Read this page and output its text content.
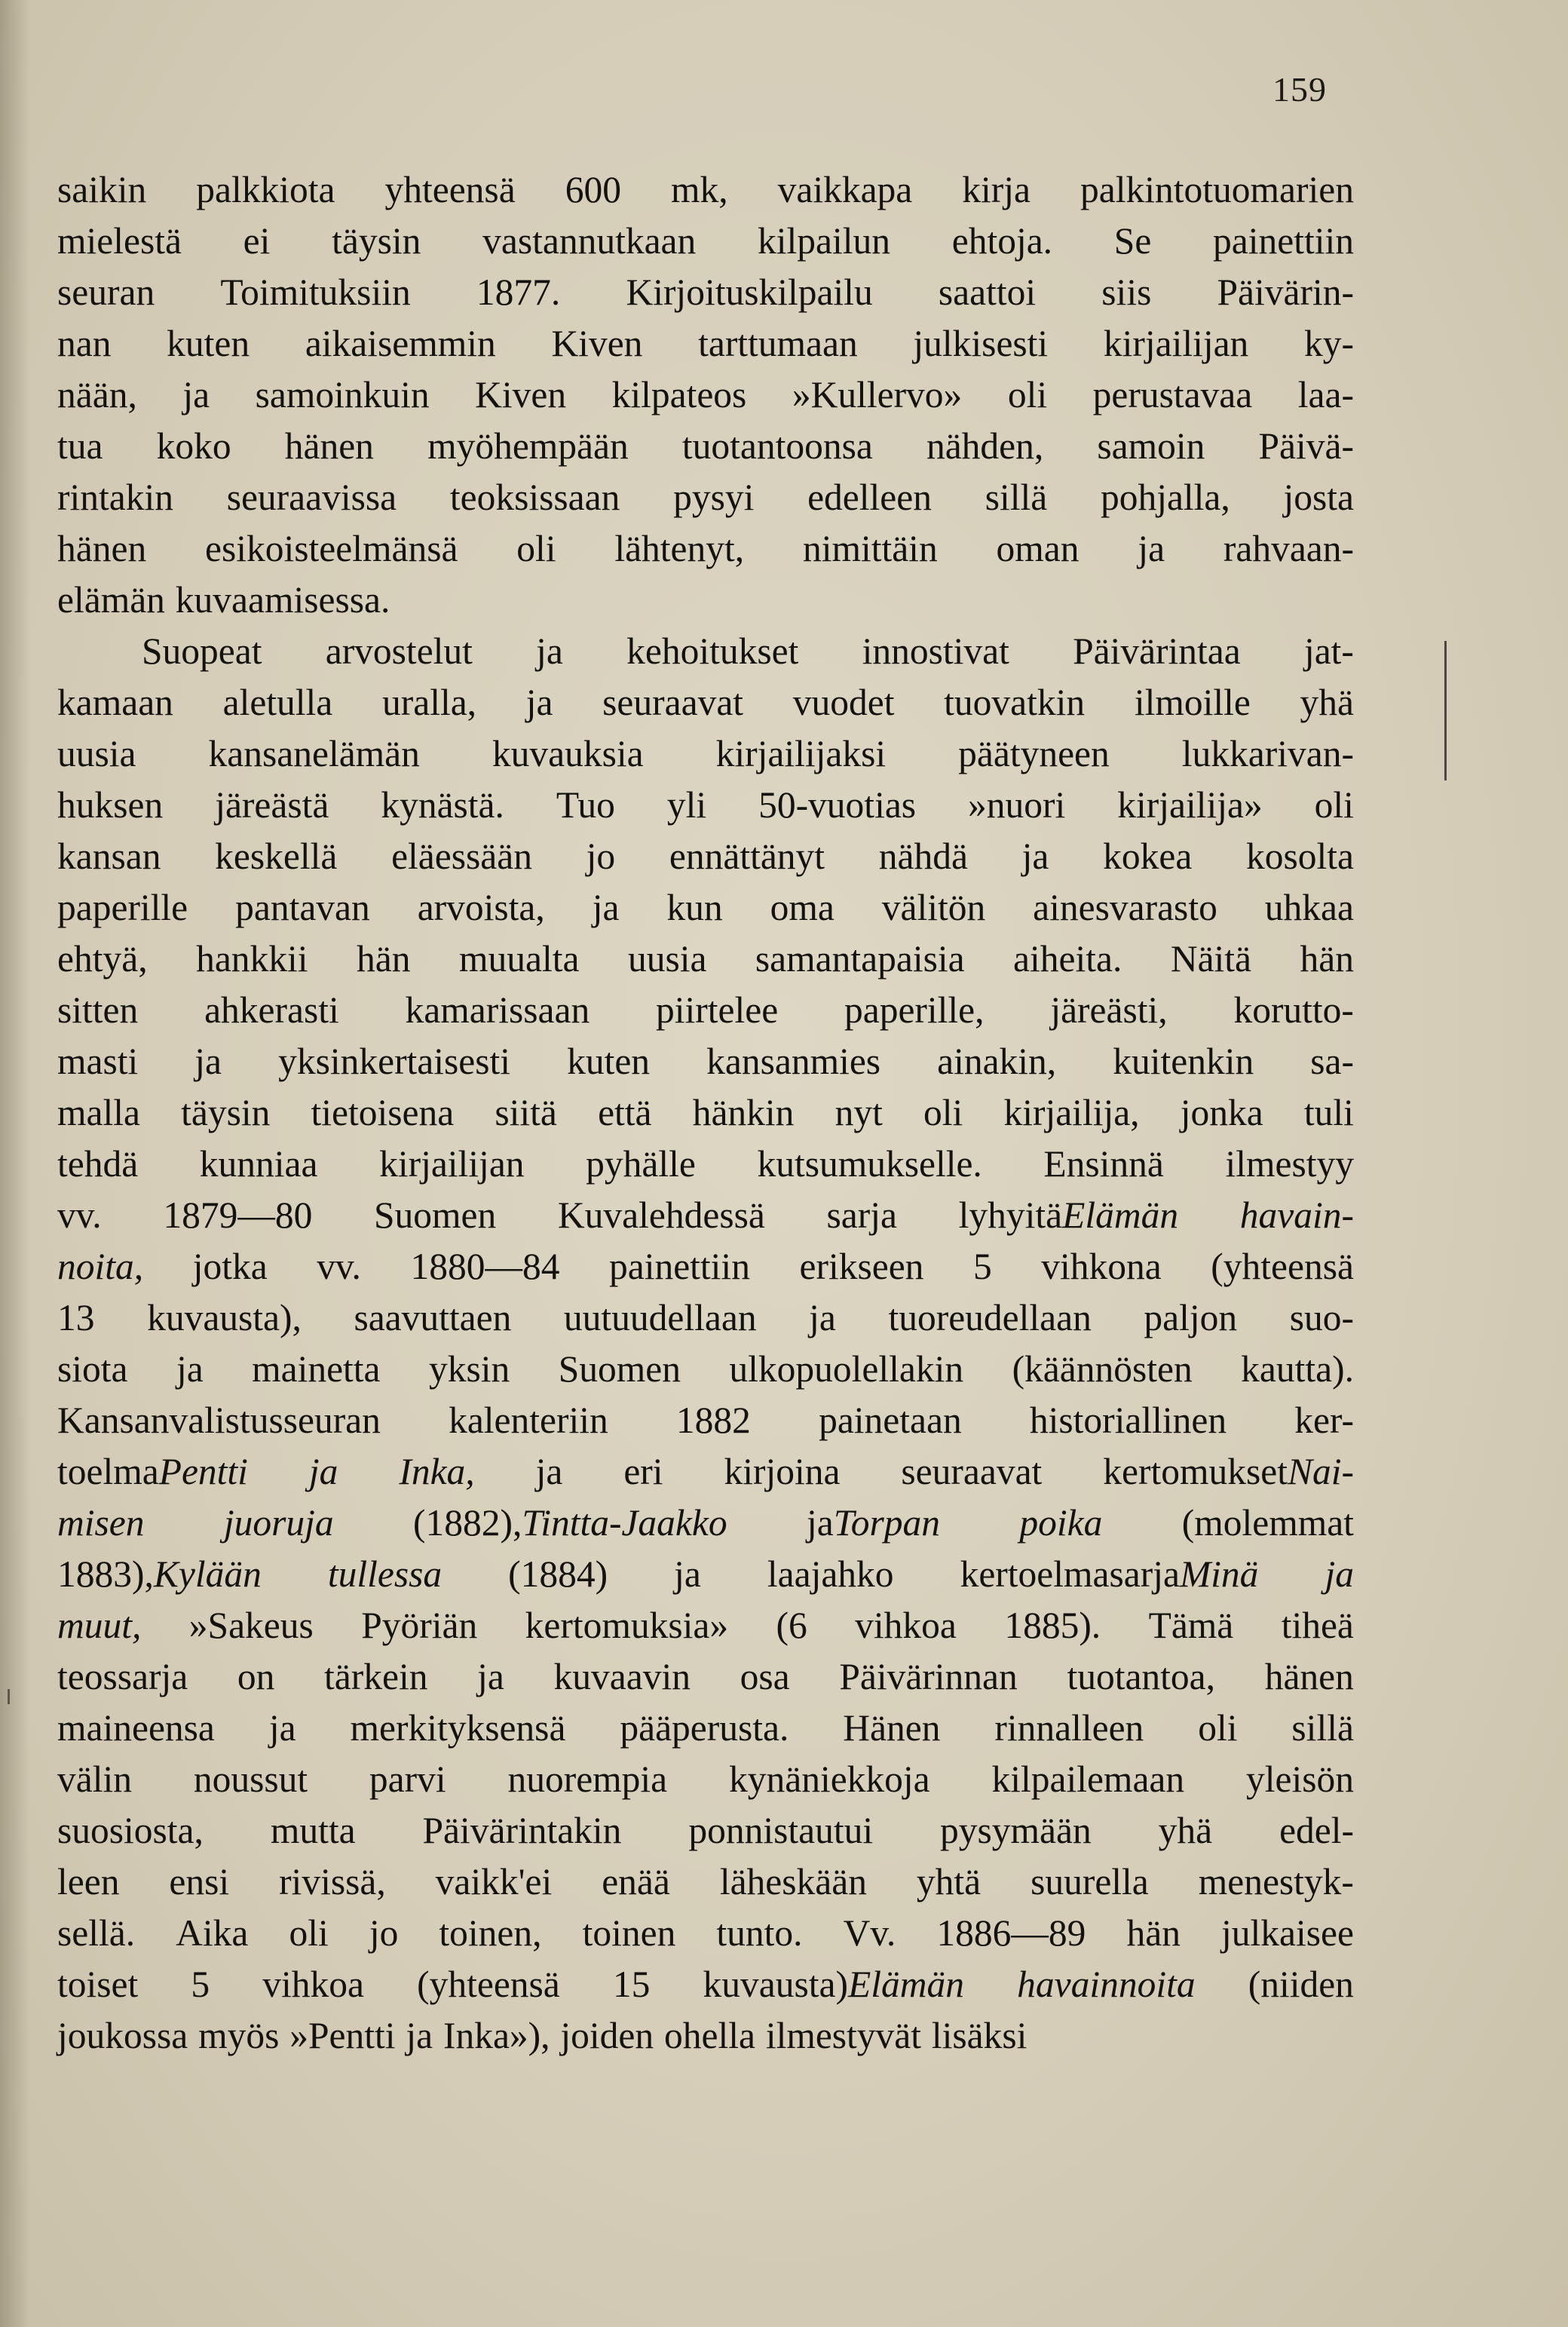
159
saikin palkkiota yhteensä 600 mk, vaikkapa kirja palkintotuomarien
mielestä ei täysin vastannutkaan kilpailun ehtoja. Se painettiin
seuran Toimituksiin 1877. Kirjoituskilpailu saattoi siis Päivärin-
nan kuten aikaisemmin Kiven tarttumaan julkisesti kirjailijan ky-
nään, ja samoinkuin Kiven kilpateos »Kullervo» oli perustavaa laa-
tua koko hänen myöhempään tuotantoonsa nähden, samoin Päivä-
rintakin seuraavissa teoksissaan pysyi edelleen sillä pohjalla, josta
hänen esikoisteelmänsä oli lähtenyt, nimittäin oman ja rahvaan-
elämän kuvaamisessa.
Suopeat arvostelut ja kehoitukset innostivat Päivärintaa jat-
kamaan aletulla uralla, ja seuraavat vuodet tuovatkin ilmoille yhä
uusia kansanelämän kuvauksia kirjailijaksi päätyneen lukkarivan-
huksen järeästä kynästä. Tuo yli 50-vuotias »nuori kirjailija» oli
kansan keskellä eläessään jo ennättänyt nähdä ja kokea kosolta
paperille pantavan arvoista, ja kun oma välitön ainesvarasto uhkaa
ehtyä, hankkii hän muualta uusia samantapaisia aiheita. Näitä hän
sitten ahkerasti kamarissaan piirtelee paperille, järeästi, korutto-
masti ja yksinkertaisesti kuten kansanmies ainakin, kuitenkin sa-
malla täysin tietoisena siitä että hänkin nyt oli kirjailija, jonka tuli
tehdä kunniaa kirjailijan pyhälle kutsumukselle. Ensinnä ilmestyy
vv. 1879—80 Suomen Kuvalehdessä sarja lyhyitäElämän havain-
noita, jotka vv. 1880—84 painettiin erikseen 5 vihkona (yhteensä
13 kuvausta), saavuttaen uutuudellaan ja tuoreudellaan paljon suo-
siota ja mainetta yksin Suomen ulkopuolellakin (käännösten kautta).
Kansanvalistusseuran kalenteriin 1882 painetaan historiallinen ker-
toelmaPentti ja Inka, ja eri kirjoina seuraavat kertomuksetNai-
misen juoruja (1882),Tintta-Jaakko jaTorpan poika (molemmat
1883),Kylään tullessa (1884) ja laajahko kertoelmasarjaMinä ja
muut, »Sakeus Pyöriän kertomuksia» (6 vihkoa 1885). Tämä tiheä
teossarja on tärkein ja kuvaavin osa Päivärinnan tuotantoa, hänen
maineensa ja merkityksensä pääperusta. Hänen rinnalleen oli sillä
välin noussut parvi nuorempia kynäniekkoja kilpailemaan yleisön
suosiosta, mutta Päivärintakin ponnistautui pysymään yhä edel-
leen ensi rivissä, vaikk'ei enää läheskään yhtä suurella menestyk-
sellä. Aika oli jo toinen, toinen tunto. Vv. 1886—89 hän julkaisee
toiset 5 vihkoa (yhteensä 15 kuvausta)Elämän havainnoita (niiden
joukossa myös »Pentti ja Inka»), joiden ohella ilmestyvät lisäksi
